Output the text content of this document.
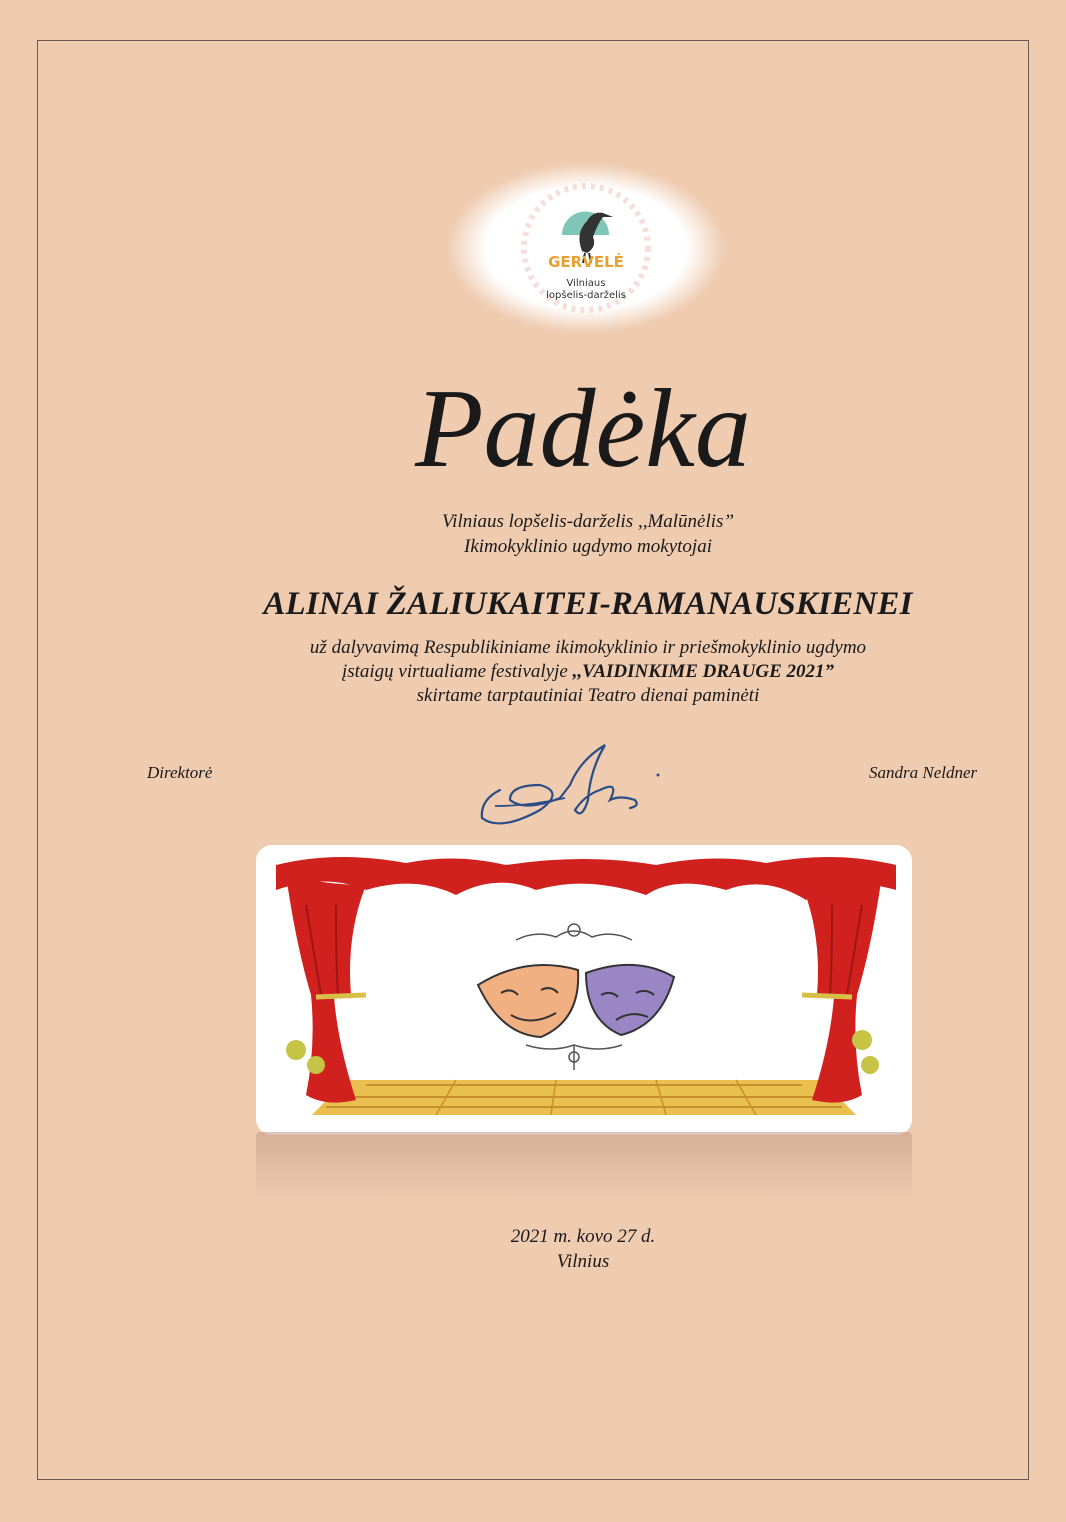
GERVELĖ
Vilniaus
lopšelis-darželis
Padėka
Vilniaus lopšelis-darželis ,,Malūnėlis”
Ikimokyklinio ugdymo mokytojai
ALINAI ŽALIUKAITEI-RAMANAUSKIENEI
už dalyvavimą Respublikiniame ikimokyklinio ir priešmokyklinio ugdymo
įstaigų virtualiame festivalyje ,,VAIDINKIME DRAUGE 2021”
skirtame tarptautiniai Teatro dienai paminėti
Direktorė	Sandra Neldner
2021 m. kovo 27 d.
Vilnius
